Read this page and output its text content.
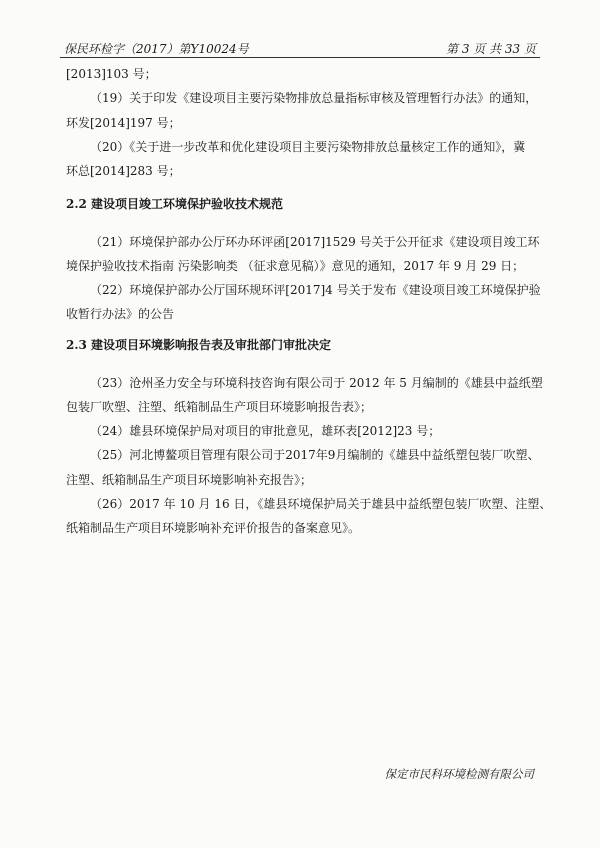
保民环检字（2017）第Y10024号	第 3 页 共 33 页
[2013]103 号；
（19）关于印发《建设项目主要污染物排放总量指标审核及管理暂行办法》的通知，
环发[2014]197 号；
（20）《关于进一步改革和优化建设项目主要污染物排放总量核定工作的通知》，冀
环总[2014]283 号；
2.2 建设项目竣工环境保护验收技术规范
（21）环境保护部办公厅环办环评函[2017]1529 号关于公开征求《建设项目竣工环
境保护验收技术指南 污染影响类 （征求意见稿）》意见的通知，2017 年 9 月 29 日；
（22）环境保护部办公厅国环规环评[2017]4 号关于发布《建设项目竣工环境保护验
收暂行办法》的公告
2.3 建设项目环境影响报告表及审批部门审批决定
（23）沧州圣力安全与环境科技咨询有限公司于 2012 年 5 月编制的《雄县中益纸塑
包装厂吹塑、注塑、纸箱制品生产项目环境影响报告表》；
（24）雄县环境保护局对项目的审批意见，雄环表[2012]23 号；
（25）河北博鳌项目管理有限公司于2017年9月编制的《雄县中益纸塑包装厂吹塑、
注塑、纸箱制品生产项目环境影响补充报告》；
（26）2017 年 10 月 16 日，《雄县环境保护局关于雄县中益纸塑包装厂吹塑、注塑、
纸箱制品生产项目环境影响补充评价报告的备案意见》。
保定市民科环境检测有限公司
